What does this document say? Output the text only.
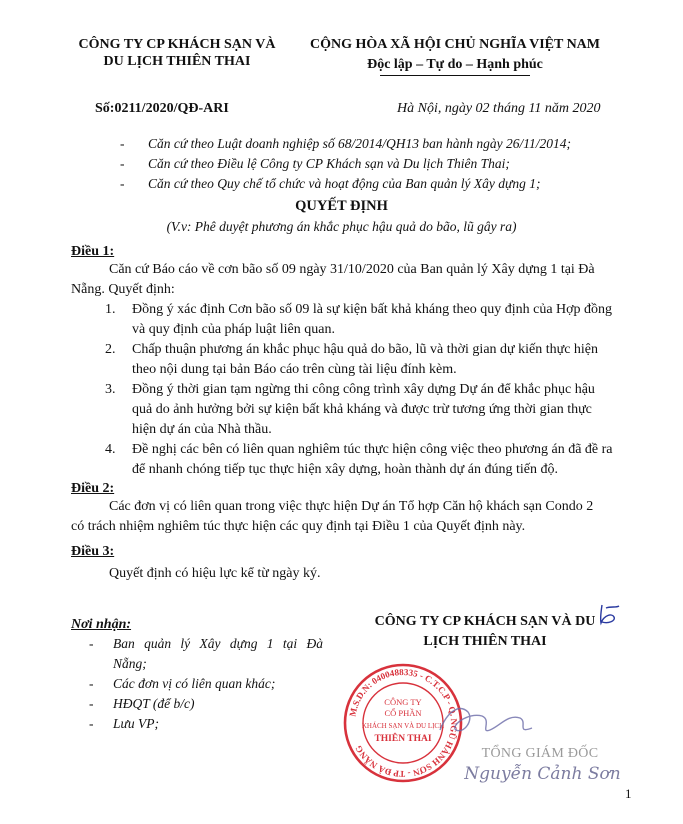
CÔNG TY CP KHÁCH SẠN VÀ
DU LỊCH THIÊN THAI
CỘNG HÒA XÃ HỘI CHỦ NGHĨA VIỆT NAM
Độc lập – Tự do – Hạnh phúc
Số:0211/2020/QĐ-ARI	Hà Nội, ngày 02 tháng 11 năm 2020
- Căn cứ theo Luật doanh nghiệp số 68/2014/QH13 ban hành ngày 26/11/2014;
- Căn cứ theo Điều lệ Công ty CP Khách sạn và Du lịch Thiên Thai;
- Căn cứ theo Quy chế tổ chức và hoạt động của Ban quản lý Xây dựng 1;
QUYẾT ĐỊNH
(V.v: Phê duyệt phương án khắc phục hậu quả do bão, lũ gây ra)
Điều 1:
Căn cứ Báo cáo về cơn bão số 09 ngày 31/10/2020 của Ban quản lý Xây dựng 1 tại Đà
Nẵng. Quyết định:
1.	Đồng ý xác định Cơn bão số 09 là sự kiện bất khả kháng theo quy định của Hợp đồng
và quy định của pháp luật liên quan.
2.	Chấp thuận phương án khắc phục hậu quả do bão, lũ và thời gian dự kiến thực hiện
theo nội dung tại bản Báo cáo trên cùng tài liệu đính kèm.
3.	Đồng ý thời gian tạm ngừng thi công công trình xây dựng Dự án để khắc phục hậu
quả do ảnh hưởng bởi sự kiện bất khả kháng và được trừ tương ứng thời gian thực
hiện dự án của Nhà thầu.
4.	Đề nghị các bên có liên quan nghiêm túc thực hiện công việc theo phương án đã đề ra
để nhanh chóng tiếp tục thực hiện xây dựng, hoàn thành dự án đúng tiến độ.
Điều 2:
Các đơn vị có liên quan trong việc thực hiện Dự án Tổ hợp Căn hộ khách sạn Condo 2
có trách nhiệm nghiêm túc thực hiện các quy định tại Điều 1 của Quyết định này.
Điều 3:
Quyết định có hiệu lực kể từ ngày ký.
Nơi nhận:
- Ban quản lý Xây dựng 1 tại Đà
Nẵng;
- Các đơn vị có liên quan khác;
- HĐQT (để b/c)
- Lưu VP;
CÔNG TY CP KHÁCH SẠN VÀ DU
LỊCH THIÊN THAI
M.S.D.N: 0400488335 - C.T.C.P - Q. NGŨ HÀNH SƠN - TP ĐÀ NẴNG
CÔNG TY
CỔ PHẦN
KHÁCH SẠN VÀ DU LỊCH
THIÊN THAI
TỔNG GIÁM ĐỐC
Nguyễn Cảnh Sơn
1
